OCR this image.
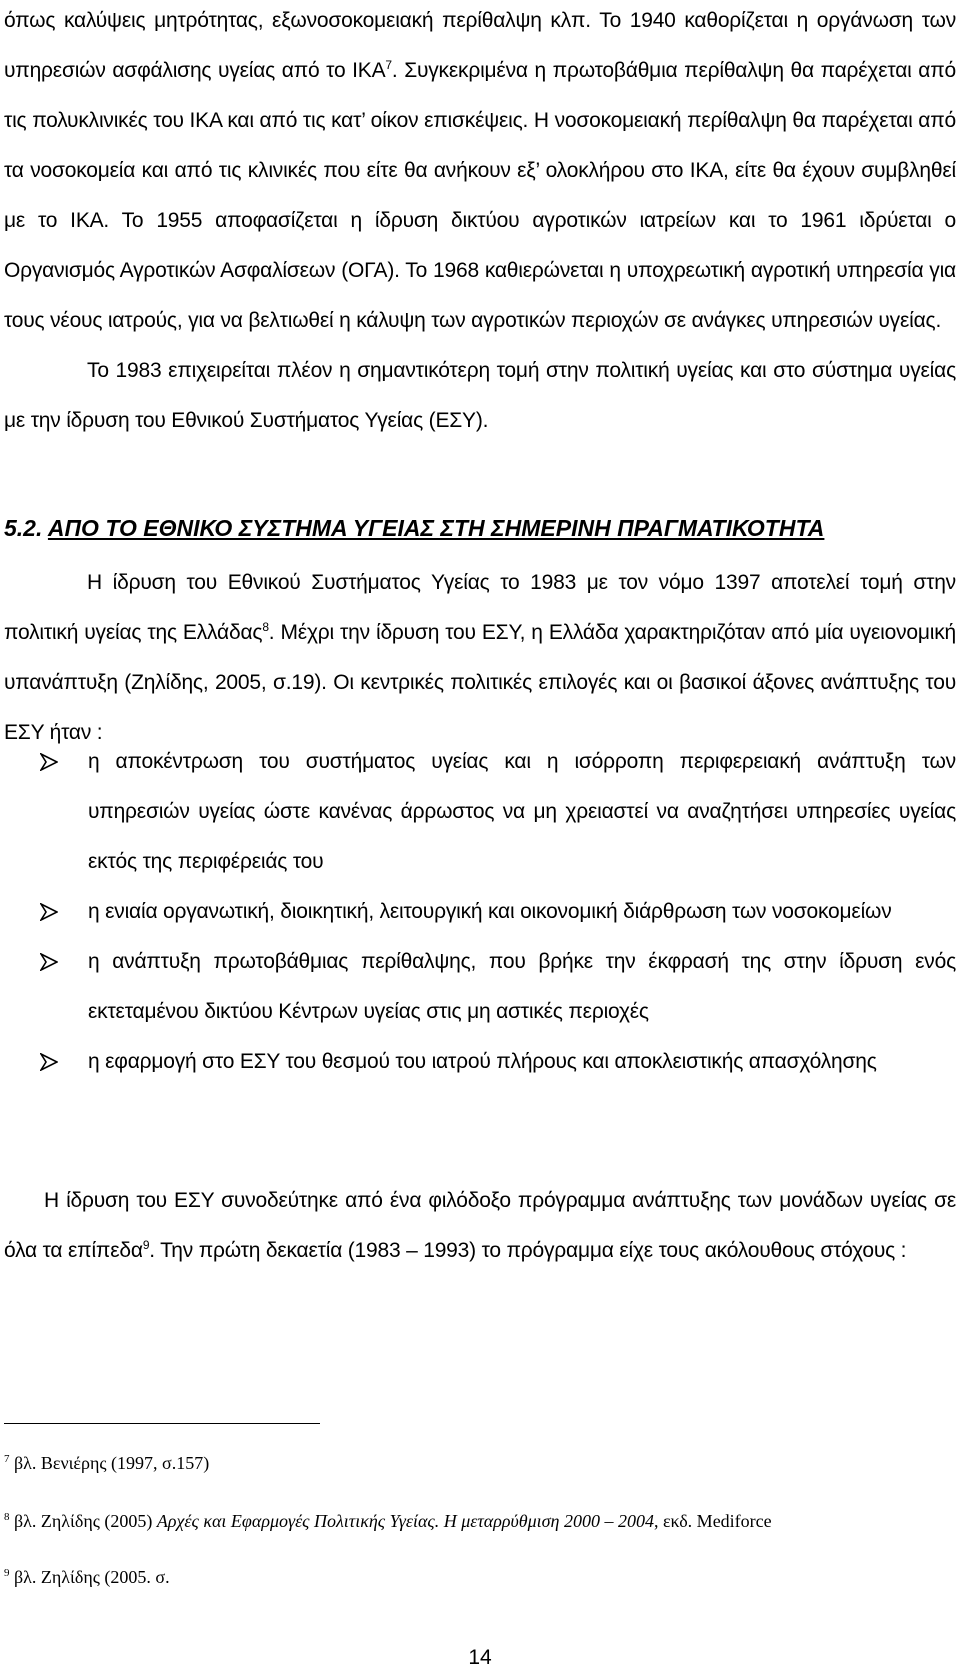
όπως καλύψεις μητρότητας, εξωνοσοκομειακή περίθαλψη κλπ. Το 1940 καθορίζεται η οργάνωση των υπηρεσιών ασφάλισης υγείας από το ΙΚΑ$^7$. Συγκεκριμένα η πρωτοβάθμια περίθαλψη θα παρέχεται από τις πολυκλινικές του ΙΚΑ και από τις κατ’ οίκον επισκέψεις. Η νοσοκομειακή περίθαλψη θα παρέχεται από τα νοσοκομεία και από τις κλινικές που είτε θα ανήκουν εξ’ ολοκλήρου στο ΙΚΑ, είτε θα έχουν συμβληθεί με το ΙΚΑ. Το 1955 αποφασίζεται η ίδρυση δικτύου αγροτικών ιατρείων και το 1961 ιδρύεται ο Οργανισμός Αγροτικών Ασφαλίσεων (ΟΓΑ). Το 1968 καθιερώνεται η υποχρεωτική αγροτική υπηρεσία για τους νέους ιατρούς, για να βελτιωθεί η κάλυψη των αγροτικών περιοχών σε ανάγκες υπηρεσιών υγείας.

Το 1983 επιχειρείται πλέον η σημαντικότερη τομή στην πολιτική υγείας και στο σύστημα υγείας με την ίδρυση του Εθνικού Συστήματος Υγείας (ΕΣΥ).

5.2. ΑΠΟ ΤΟ ΕΘΝΙΚΟ ΣΥΣΤΗΜΑ ΥΓΕΙΑΣ ΣΤΗ ΣΗΜΕΡΙΝΗ ΠΡΑΓΜΑΤΙΚΟΤΗΤΑ

Η ίδρυση του Εθνικού Συστήματος Υγείας το 1983 με τον νόμο 1397 αποτελεί τομή στην πολιτική υγείας της Ελλάδας$^8$. Μέχρι την ίδρυση του ΕΣΥ, η Ελλάδα χαρακτηριζόταν από μία υγειονομική υπανάπτυξη (Ζηλίδης, 2005, σ.19). Οι κεντρικές πολιτικές επιλογές και οι βασικοί άξονες ανάπτυξης του ΕΣΥ ήταν :

η αποκέντρωση του συστήματος υγείας και η ισόρροπη περιφερειακή ανάπτυξη των υπηρεσιών υγείας ώστε κανένας άρρωστος να μη χρειαστεί να αναζητήσει υπηρεσίες υγείας εκτός της περιφέρειάς του
η ενιαία οργανωτική, διοικητική, λειτουργική και οικονομική διάρθρωση των νοσοκομείων
η ανάπτυξη πρωτοβάθμιας περίθαλψης, που βρήκε την έκφρασή της στην ίδρυση ενός εκτεταμένου δικτύου Κέντρων υγείας στις μη αστικές περιοχές
η εφαρμογή στο ΕΣΥ του θεσμού του ιατρού πλήρους και αποκλειστικής απασχόλησης

Η ίδρυση του ΕΣΥ συνοδεύτηκε από ένα φιλόδοξο πρόγραμμα ανάπτυξης των μονάδων υγείας σε όλα τα επίπεδα$^9$. Την πρώτη δεκαετία (1983 – 1993) το πρόγραμμα είχε τους ακόλουθους στόχους :

$^7$ βλ. Βενιέρης (1997, σ.157)

$^8$ βλ. Ζηλίδης (2005) Αρχές και Εφαρμογές Πολιτικής Υγείας. Η μεταρρύθμιση 2000 – 2004, εκδ. Mediforce

$^9$ βλ. Ζηλίδης (2005. σ.

14
